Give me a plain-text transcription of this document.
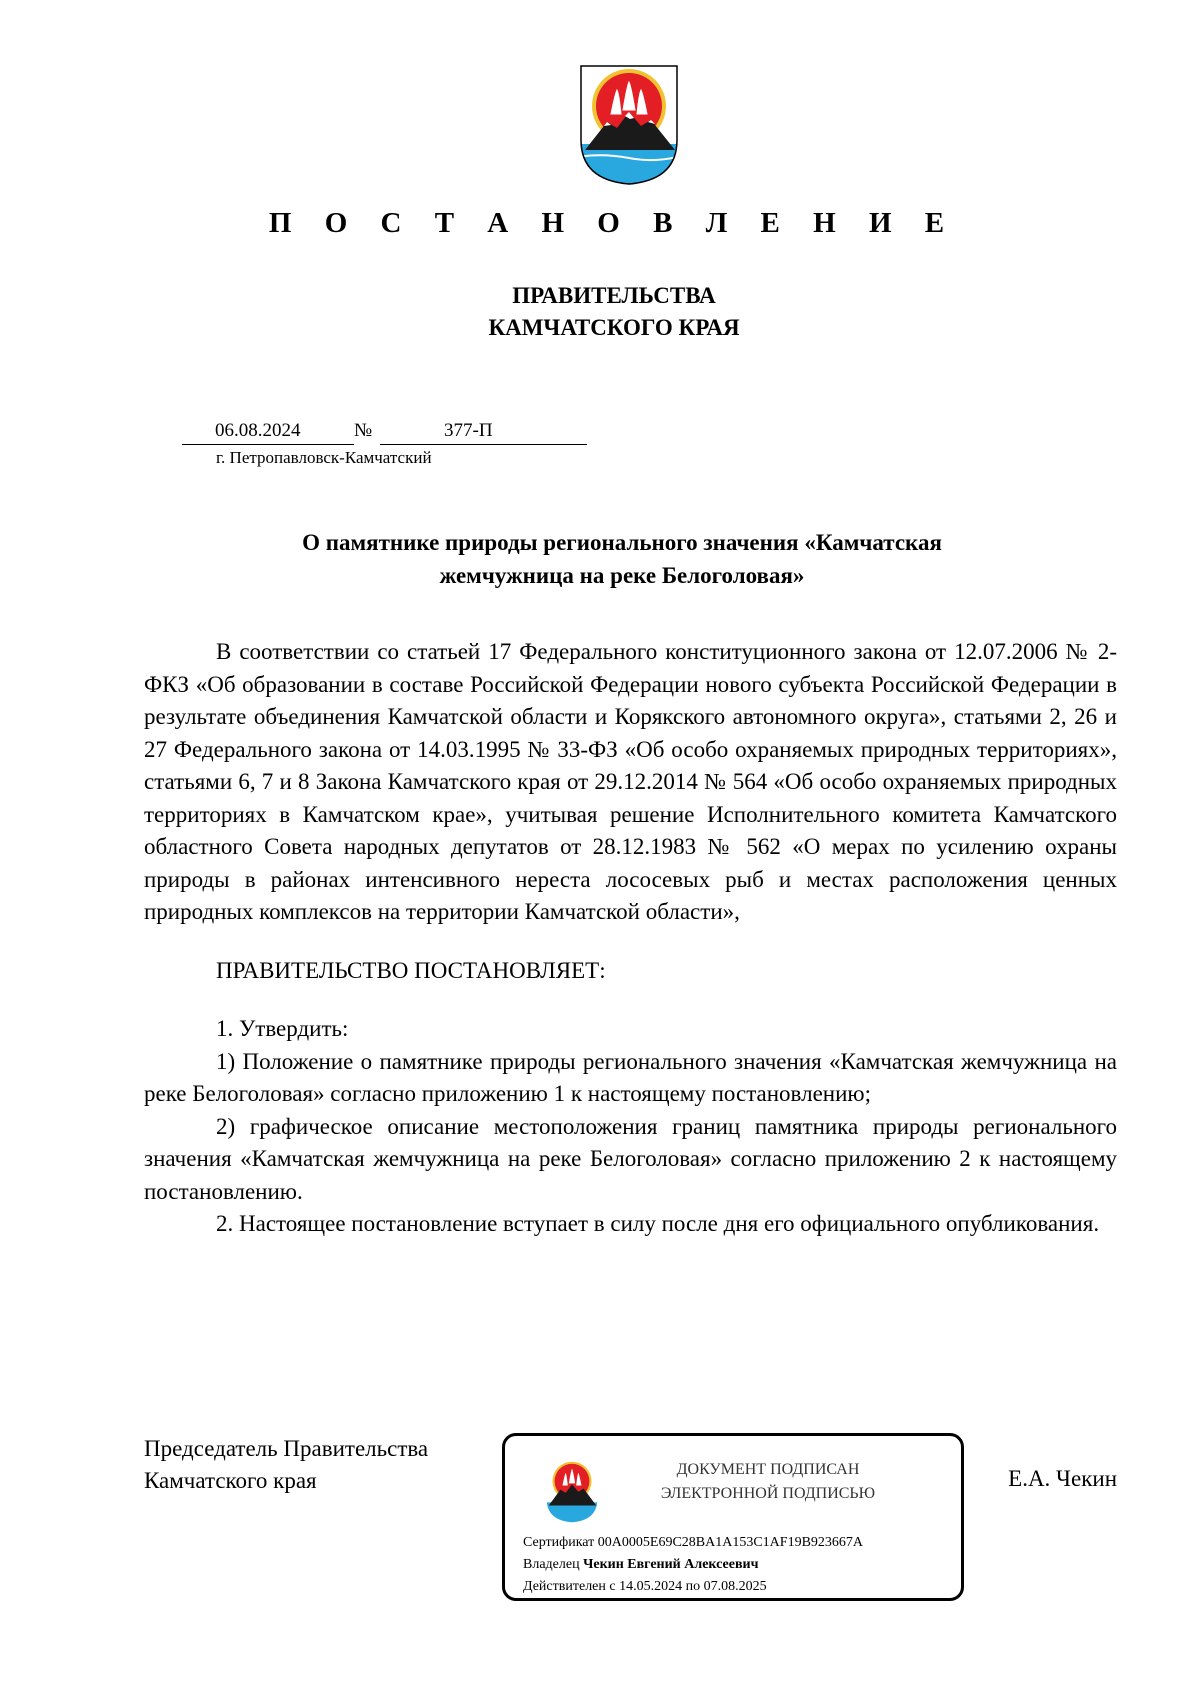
П О С Т А Н О В Л Е Н И Е
ПРАВИТЕЛЬСТВА
КАМЧАТСКОГО КРАЯ
06.08.2024	№	377-П
г. Петропавловск-Камчатский
О памятнике природы регионального значения «Камчатская
жемчужница на реке Белоголовая»

В соответствии со статьей 17 Федерального конституционного закона от 12.07.2006 № 2-ФКЗ «Об образовании в составе Российской Федерации нового субъекта Российской Федерации в результате объединения Камчатской области и Корякского автономного округа», статьями 2, 26 и 27 Федерального закона от 14.03.1995 № 33-ФЗ «Об особо охраняемых природных территориях», статьями 6, 7 и 8 Закона Камчатского края от 29.12.2014 № 564 «Об особо охраняемых природных территориях в Камчатском крае», учитывая решение Исполнительного комитета Камчатского областного Совета народных депутатов от 28.12.1983 № 562 «О мерах по усилению охраны природы в районах интенсивного нереста лососевых рыб и местах расположения ценных природных комплексов на территории Камчатской области»,

ПРАВИТЕЛЬСТВО ПОСТАНОВЛЯЕТ:

1. Утвердить:

1) Положение о памятнике природы регионального значения «Камчатская жемчужница на реке Белоголовая» согласно приложению 1 к настоящему постановлению;

2) графическое описание местоположения границ памятника природы регионального значения «Камчатская жемчужница на реке Белоголовая» согласно приложению 2 к настоящему постановлению.

2. Настоящее постановление вступает в силу после дня его официального опубликования.

Председатель Правительства
Камчатского края	ДОКУМЕНТ ПОДПИСАН
ЭЛЕКТРОННОЙ ПОДПИСЬЮ
Сертификат 00A0005E69C28BA1A153C1AF19B923667A
Владелец Чекин Евгений Алексеевич
Действителен с 14.05.2024 по 07.08.2025
Е.А. Чекин
